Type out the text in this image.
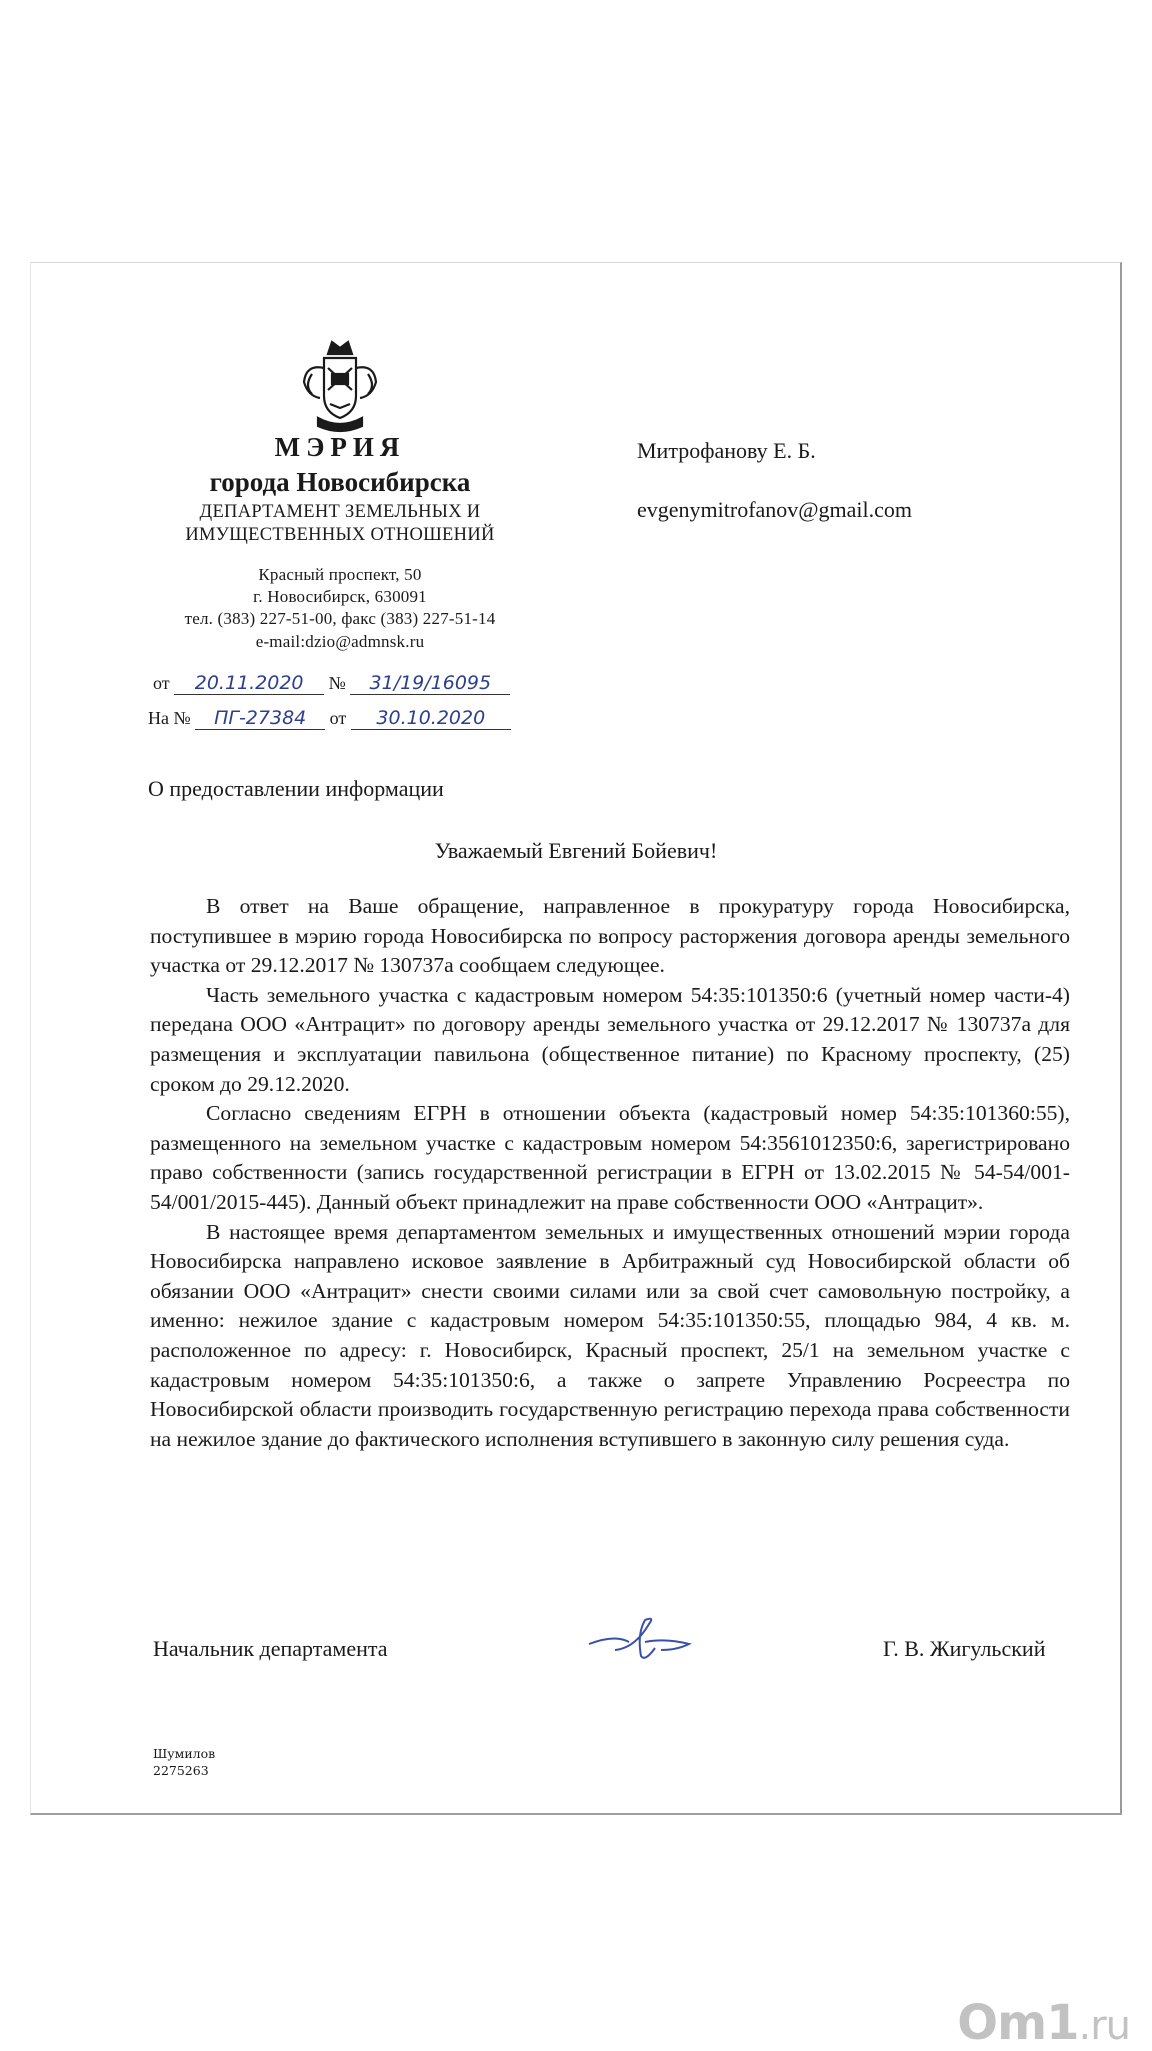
МЭРИЯ
города Новосибирска
ДЕПАРТАМЕНТ ЗЕМЕЛЬНЫХ И
ИМУЩЕСТВЕННЫХ ОТНОШЕНИЙ
Красный проспект, 50
г. Новосибирск, 630091
тел. (383) 227-51-00, факс (383) 227-51-14
e-mail:dzio@admnsk.ru
от 20.11.2020 № 31/19/16095
На № ПГ-27384 от 30.10.2020
Митрофанову Е. Б.
evgenymitrofanov@gmail.com
О предоставлении информации
Уважаемый Евгений Бойевич!

В ответ на Ваше обращение, направленное в прокуратуру города Новосибирска, поступившее в мэрию города Новосибирска по вопросу расторжения договора аренды земельного участка от 29.12.2017 № 130737а сообщаем следующее.

Часть земельного участка с кадастровым номером 54:35:101350:6 (учетный номер части-4) передана ООО «Антрацит» по договору аренды земельного участка от 29.12.2017 № 130737а для размещения и эксплуатации павильона (общественное питание) по Красному проспекту, (25) сроком до 29.12.2020.

Согласно сведениям ЕГРН в отношении объекта (кадастровый номер 54:35:101360:55), размещенного на земельном участке с кадастровым номером 54:3561012350:6, зарегистрировано право собственности (запись государственной регистрации в ЕГРН от 13.02.2015 № 54-54/001-54/001/2015-445). Данный объект принадлежит на праве собственности ООО «Антрацит».

В настоящее время департаментом земельных и имущественных отношений мэрии города Новосибирска направлено исковое заявление в Арбитражный суд Новосибирской области об обязании ООО «Антрацит» снести своими силами или за свой счет самовольную постройку, а именно: нежилое здание с кадастровым номером 54:35:101350:55, площадью 984, 4 кв. м. расположенное по адресу: г. Новосибирск, Красный проспект, 25/1 на земельном участке с кадастровым номером 54:35:101350:6, а также о запрете Управлению Росреестра по Новосибирской области производить государственную регистрацию перехода права собственности на нежилое здание до фактического исполнения вступившего в законную силу решения суда.

Начальник департамента	Г. В. Жигульский
Шумилов
2275263
Om1.ru
